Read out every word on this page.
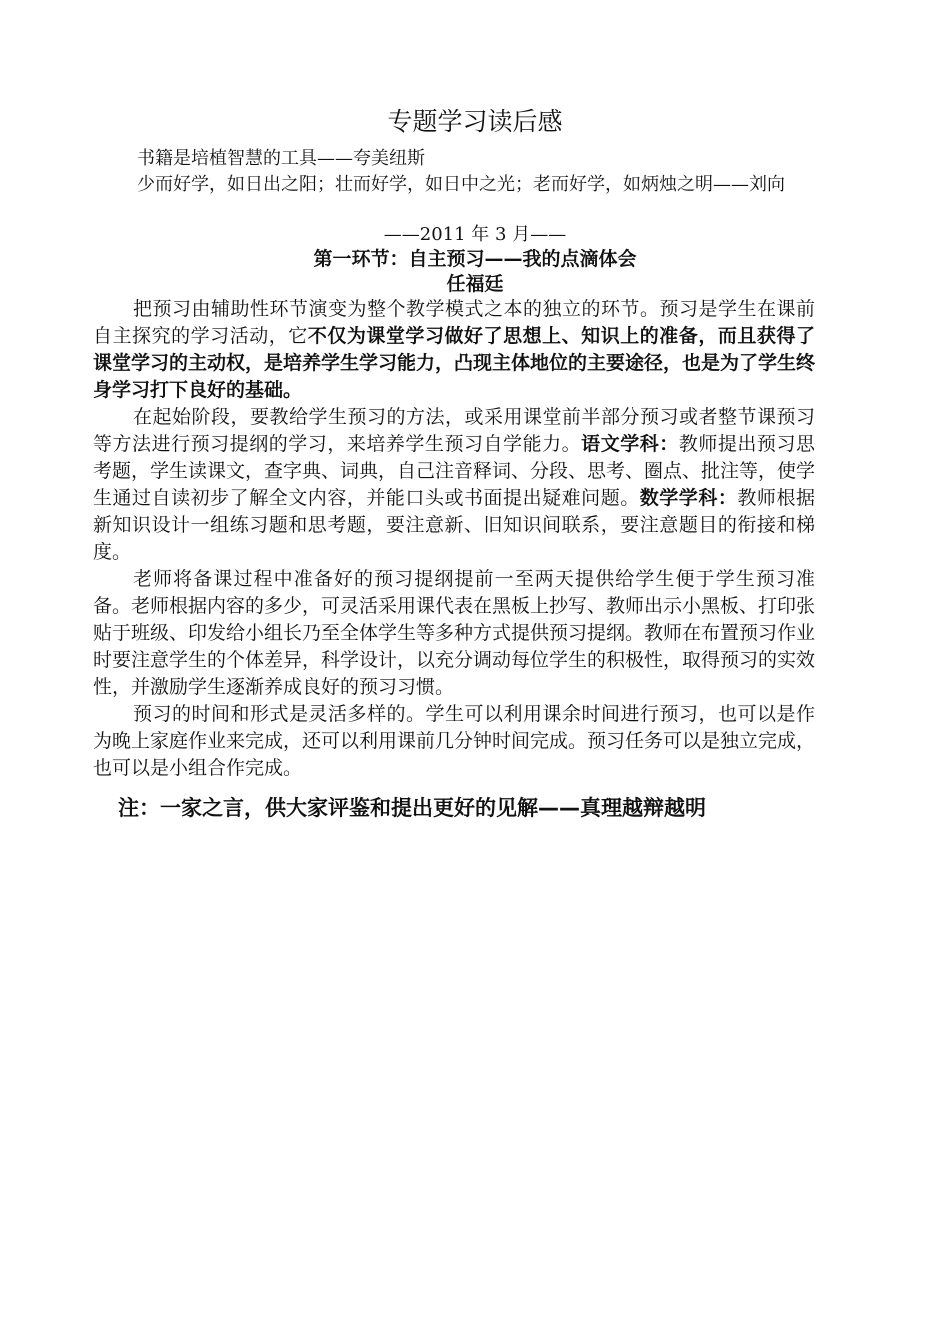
专题学习读后感
书籍是培植智慧的工具——夸美纽斯
少而好学，如日出之阳；壮而好学，如日中之光；老而好学，如炳烛之明——刘向
——2011 年 3 月——
第一环节：自主预习——我的点滴体会
任福廷

把预习由辅助性环节演变为整个教学模式之本的独立的环节。预习是学生在课前自主探究的学习活动，它不仅为课堂学习做好了思想上、知识上的准备，而且获得了课堂学习的主动权，是培养学生学习能力，凸现主体地位的主要途径，也是为了学生终身学习打下良好的基础。

在起始阶段，要教给学生预习的方法，或采用课堂前半部分预习或者整节课预习等方法进行预习提纲的学习，来培养学生预习自学能力。语文学科：教师提出预习思考题，学生读课文，查字典、词典，自己注音释词、分段、思考、圈点、批注等，使学生通过自读初步了解全文内容，并能口头或书面提出疑难问题。数学学科：教师根据新知识设计一组练习题和思考题，要注意新、旧知识间联系，要注意题目的衔接和梯度。

老师将备课过程中准备好的预习提纲提前一至两天提供给学生便于学生预习准备。老师根据内容的多少，可灵活采用课代表在黑板上抄写、教师出示小黑板、打印张贴于班级、印发给小组长乃至全体学生等多种方式提供预习提纲。教师在布置预习作业时要注意学生的个体差异，科学设计，以充分调动每位学生的积极性，取得预习的实效性，并激励学生逐渐养成良好的预习习惯。

预习的时间和形式是灵活多样的。学生可以利用课余时间进行预习，也可以是作为晚上家庭作业来完成，还可以利用课前几分钟时间完成。预习任务可以是独立完成，也可以是小组合作完成。

注：一家之言，供大家评鉴和提出更好的见解——真理越辩越明
